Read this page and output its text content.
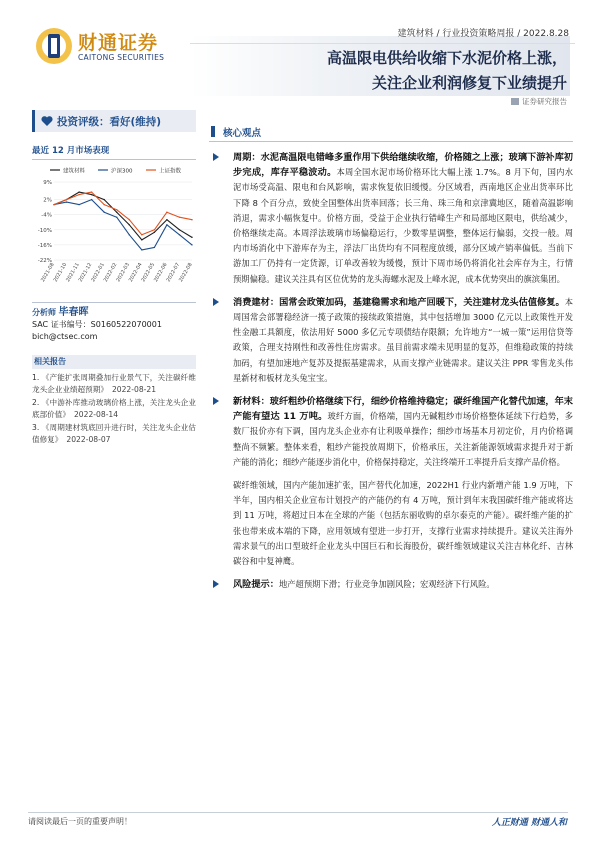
财通证券
CAITONG SECURITIES
建筑材料 / 行业投资策略周报 / 2022.8.28
高温限电供给收缩下水泥价格上涨，
关注企业利润修复下业绩提升
证券研究报告
投资评级：看好(维持)
最近 12 月市场表现
建筑材料	沪深300	上证指数
9%
2%
-4%
-10%
-16%
-22%
2021-08
2021-10
2021-11
2021-12
2022-01
2022-02
2022-03
2022-04
2022-05
2022-06
2022-07
2022-08
分析师 毕春晖
SAC 证书编号：S0160522070001
bich@ctsec.com
相关报告
1. 《产能扩张周期叠加行业景气下，关注碳纤维龙头企业业绩超预期》 2022-08-21
2. 《中游补库推动玻璃价格上涨，关注龙头企业底部价值》 2022-08-14
3. 《周期建材筑底回升进行时，关注龙头企业估值修复》 2022-08-07
核心观点
周期：水泥高温限电错峰多重作用下供给继续收缩，价格随之上涨；玻璃下游补库初步完成，库存平稳波动。本周全国水泥市场价格环比大幅上涨 1.7%。8 月下旬，国内水泥市场受高温、限电和台风影响，需求恢复依旧缓慢。分区域看，西南地区企业出货率环比下降 8 个百分点，致使全国整体出货率回落；长三角、珠三角和京津冀地区，随着高温影响消退，需求小幅恢复中。价格方面，受益于企业执行错峰生产和局部地区限电，供给减少，价格继续走高。本周浮法玻璃市场偏稳运行，少数零星调整，整体运行偏弱，交投一般。周内市场消化中下游库存为主，浮法厂出货均有不同程度放缓，部分区域产销率偏低。当前下游加工厂仍持有一定货源，订单改善较为缓慢，预计下周市场仍将消化社会库存为主，行情预期偏稳。建议关注具有区位优势的龙头海螺水泥及上峰水泥，成本优势突出的旗滨集团。
消费建材：国常会政策加码，基建稳需求和地产回暖下，关注建材龙头估值修复。本周国常会部署稳经济一揽子政策的接续政策措施，其中包括增加 3000 亿元以上政策性开发性金融工具额度，依法用好 5000 多亿元专项债结存限额；允许地方“一城一策”运用信贷等政策，合理支持刚性和改善性住房需求。虽目前需求端未见明显的复苏，但维稳政策的持续加码，有望加速地产复苏及提振基建需求，从而支撑产业链需求。建议关注 PPR 零售龙头伟星新材和板材龙头兔宝宝。
新材料：玻纤粗纱价格继续下行，细纱价格维持稳定；碳纤维国产化替代加速，年末产能有望达 11 万吨。玻纤方面，价格端，国内无碱粗纱市场价格整体延续下行趋势，多数厂报价亦有下调，国内龙头企业亦有让利吸单操作；细纱市场基本月初定价，月内价格调整尚不频繁。整体来看，粗纱产能投放周期下，价格承压，关注新能源领域需求提升对于新产能的消化；细纱产能逐步消化中，价格保持稳定，关注终端开工率提升后支撑产品价格。
碳纤维领域，国内产能加速扩张，国产替代化加速，2022H1 行业内新增产能 1.9 万吨，下半年，国内相关企业宣布计划投产的产能仍约有 4 万吨，预计到年末我国碳纤维产能或将达到 11 万吨，将超过日本在全球的产能（包括东丽收购的卓尔泰克的产能）。碳纤维产能的扩张也带来成本端的下降，应用领域有望进一步打开，支撑行业需求持续提升。建议关注海外需求景气的出口型玻纤企业龙头中国巨石和长海股份，碳纤维领域建议关注吉林化纤、吉林碳谷和中复神鹰。
风险提示：地产超预期下滑；行业竞争加剧风险；宏观经济下行风险。
请阅读最后一页的重要声明！	人正财通 财通人和
